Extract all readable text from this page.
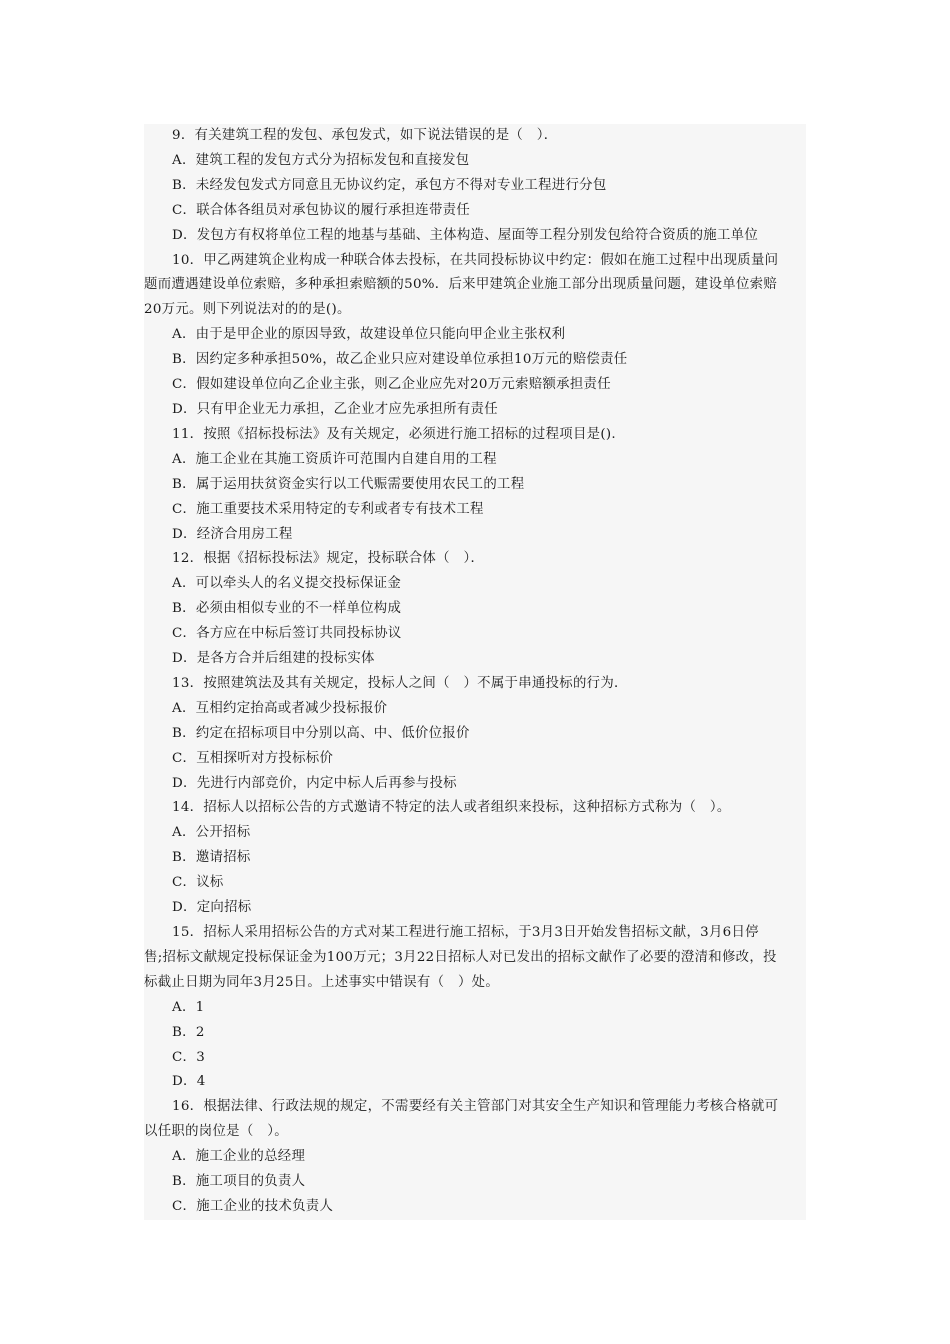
9．有关建筑工程的发包、承包发式，如下说法错误的是（　）．
A．建筑工程的发包方式分为招标发包和直接发包
B．未经发包发式方同意且无协议约定，承包方不得对专业工程进行分包
C．联合体各组员对承包协议的履行承担连带责任
D．发包方有权将单位工程的地基与基础、主体构造、屋面等工程分别发包给符合资质的施工单位
10．甲乙两建筑企业构成一种联合体去投标，在共同投标协议中约定：假如在施工过程中出现质量问
题而遭遇建设单位索赔，多种承担索赔额的50%．后来甲建筑企业施工部分出现质量问题，建设单位索赔
20万元。则下列说法对的的是()。
A．由于是甲企业的原因导致，故建设单位只能向甲企业主张权利
B．因约定多种承担50%，故乙企业只应对建设单位承担10万元的赔偿责任
C．假如建设单位向乙企业主张，则乙企业应先对20万元索赔额承担责任
D．只有甲企业无力承担，乙企业才应先承担所有责任
11．按照《招标投标法》及有关规定，必须进行施工招标的过程项目是().
A．施工企业在其施工资质许可范围内自建自用的工程
B．属于运用扶贫资金实行以工代赈需要使用农民工的工程
C．施工重要技术采用特定的专利或者专有技术工程
D．经济合用房工程
12．根据《招标投标法》规定，投标联合体（　）．
A．可以牵头人的名义提交投标保证金
B．必须由相似专业的不一样单位构成
C．各方应在中标后签订共同投标协议
D．是各方合并后组建的投标实体
13．按照建筑法及其有关规定，投标人之间（　）不属于串通投标的行为．
A．互相约定抬高或者减少投标报价
B．约定在招标项目中分别以高、中、低价位报价
C．互相探听对方投标标价
D．先进行内部竞价，内定中标人后再参与投标
14．招标人以招标公告的方式邀请不特定的法人或者组织来投标，这种招标方式称为（　）。
A．公开招标
B．邀请招标
C．议标
D．定向招标
15．招标人采用招标公告的方式对某工程进行施工招标，于3月3日开始发售招标文献，3月6日停
售;招标文献规定投标保证金为100万元；3月22日招标人对已发出的招标文献作了必要的澄清和修改，投
标截止日期为同年3月25日。上述事实中错误有（　）处。
A．1
B．2
C．3
D．4
16．根据法律、行政法规的规定，不需要经有关主管部门对其安全生产知识和管理能力考核合格就可
以任职的岗位是（　）。
A．施工企业的总经理
B．施工项目的负责人
C．施工企业的技术负责人
